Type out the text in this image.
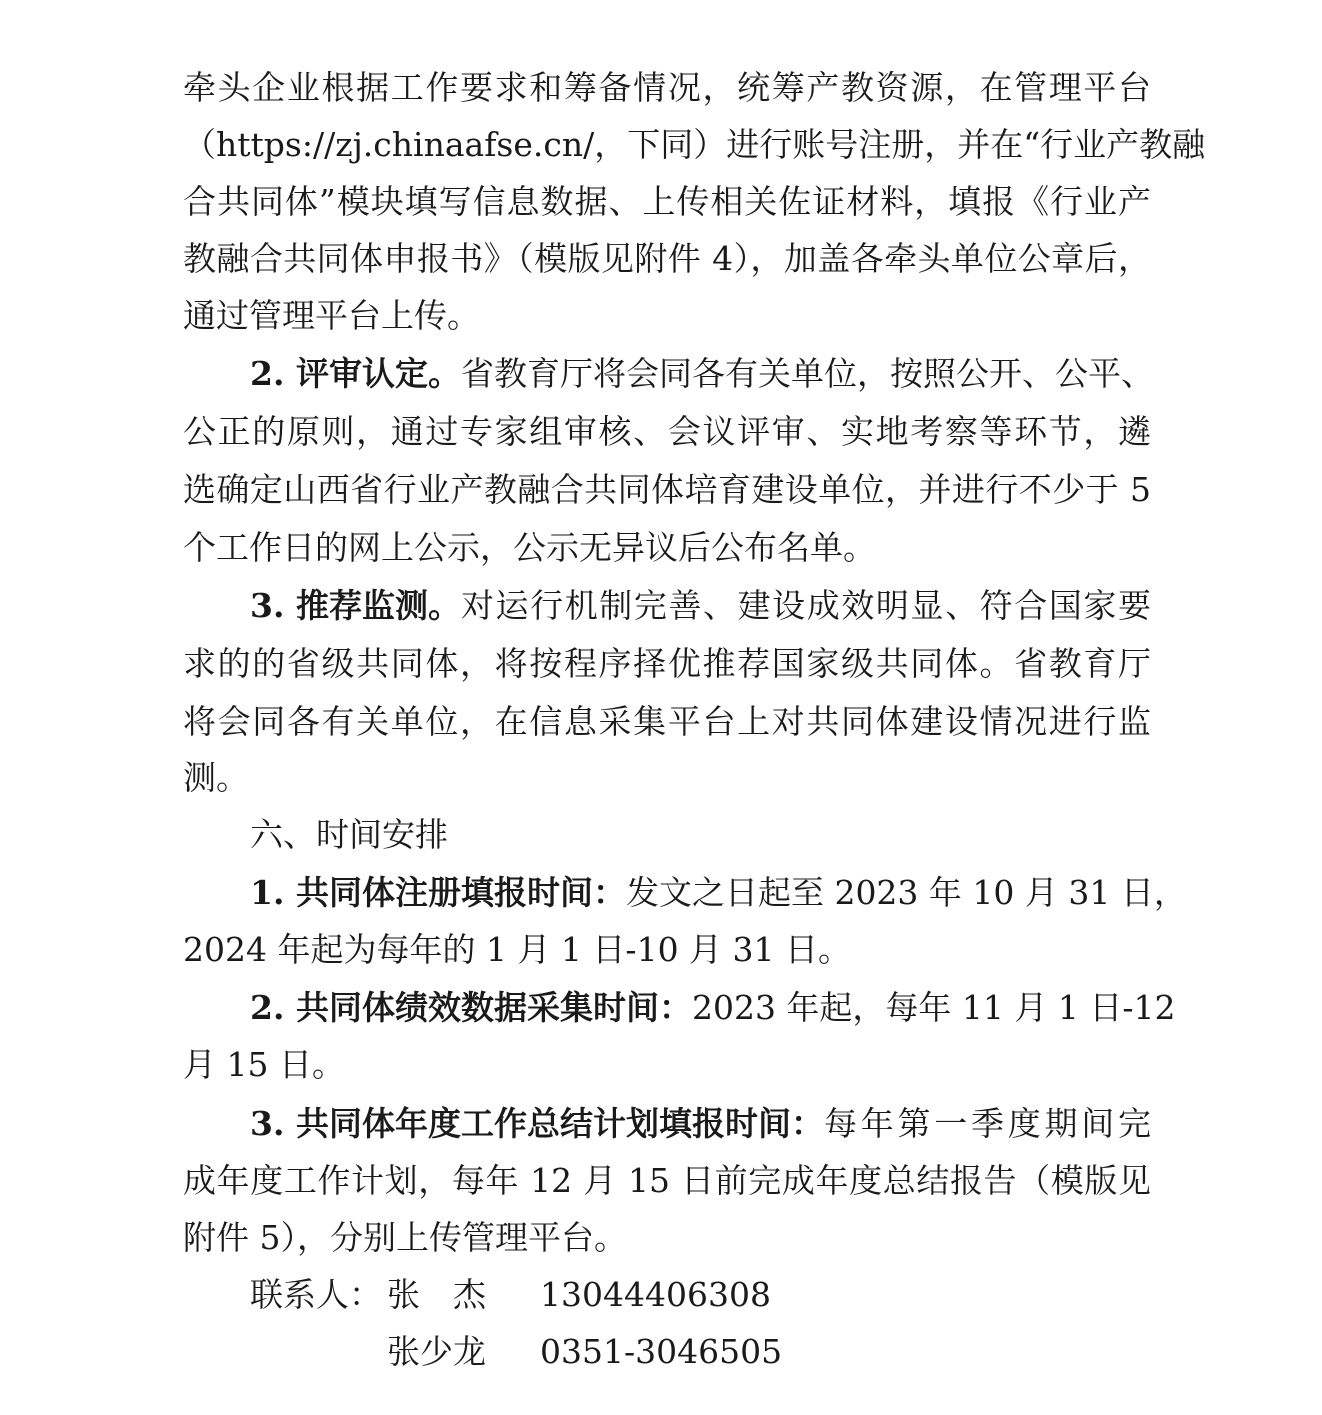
牵头企业根据工作要求和筹备情况，统筹产教资源，在管理平台
（https://zj.chinaafse.cn/，下同）进行账号注册，并在“行业产教融
合共同体”模块填写信息数据、上传相关佐证材料，填报《行业产
教融合共同体申报书》（模版见附件 4），加盖各牵头单位公章后，
通过管理平台上传。
2. 评审认定。 省教育厅将会同各有关单位，按照公开、公平、
公正的原则，通过专家组审核、会议评审、实地考察等环节，遴
选确定山西省行业产教融合共同体培育建设单位，并进行不少于 5
个工作日的网上公示，公示无异议后公布名单。
3. 推荐监测。 对运行机制完善、建设成效明显、符合国家要
求的的省级共同体，将按程序择优推荐国家级共同体。省教育厅
将会同各有关单位，在信息采集平台上对共同体建设情况进行监
测。
六、时间安排
1. 共同体注册填报时间： 发文之日起至 2023 年 10 月 31 日，
2024 年起为每年的 1 月 1 日-10 月 31 日。
2. 共同体绩效数据采集时间： 2023 年起，每年 11 月 1 日-12
月 15 日。
3. 共同体年度工作总结计划填报时间： 每年第一季度期间完
成年度工作计划，每年 12 月 15 日前完成年度总结报告（模版见
附件 5），分别上传管理平台。
联系人： 张　杰 13044406308
张少龙 0351-3046505
